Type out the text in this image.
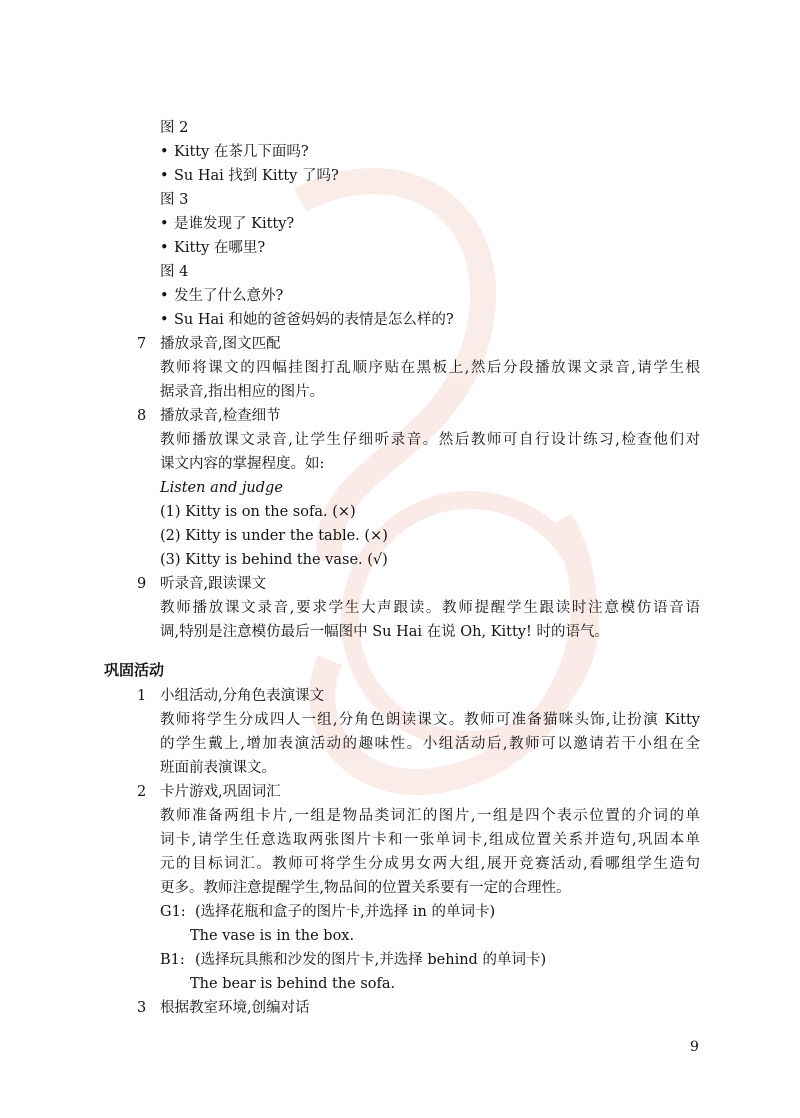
图 2
• Kitty 在茶几下面吗?
• Su Hai 找到 Kitty 了吗?
图 3
• 是谁发现了 Kitty?
• Kitty 在哪里?
图 4
• 发生了什么意外?
• Su Hai 和她的爸爸妈妈的表情是怎么样的?
7 播放录音,图文匹配
教师将课文的四幅挂图打乱顺序贴在黑板上,然后分段播放课文录音,请学生根
据录音,指出相应的图片。
8 播放录音,检查细节
教师播放课文录音,让学生仔细听录音。然后教师可自行设计练习,检查他们对
课文内容的掌握程度。如:
Listen and judge
(1) Kitty is on the sofa. (×)
(2) Kitty is under the table. (×)
(3) Kitty is behind the vase. (√)
9 听录音,跟读课文
教师播放课文录音,要求学生大声跟读。教师提醒学生跟读时注意模仿语音语
调,特别是注意模仿最后一幅图中 Su Hai 在说 Oh, Kitty! 时的语气。
巩固活动
1 小组活动,分角色表演课文
教师将学生分成四人一组,分角色朗读课文。教师可准备猫咪头饰,让扮演 Kitty
的学生戴上,增加表演活动的趣味性。小组活动后,教师可以邀请若干小组在全
班面前表演课文。
2 卡片游戏,巩固词汇
教师准备两组卡片,一组是物品类词汇的图片,一组是四个表示位置的介词的单
词卡,请学生任意选取两张图片卡和一张单词卡,组成位置关系并造句,巩固本单
元的目标词汇。教师可将学生分成男女两大组,展开竞赛活动,看哪组学生造句
更多。教师注意提醒学生,物品间的位置关系要有一定的合理性。
G1: (选择花瓶和盒子的图片卡,并选择 in 的单词卡)
The vase is in the box.
B1: (选择玩具熊和沙发的图片卡,并选择 behind 的单词卡)
The bear is behind the sofa.
3 根据教室环境,创编对话
9
